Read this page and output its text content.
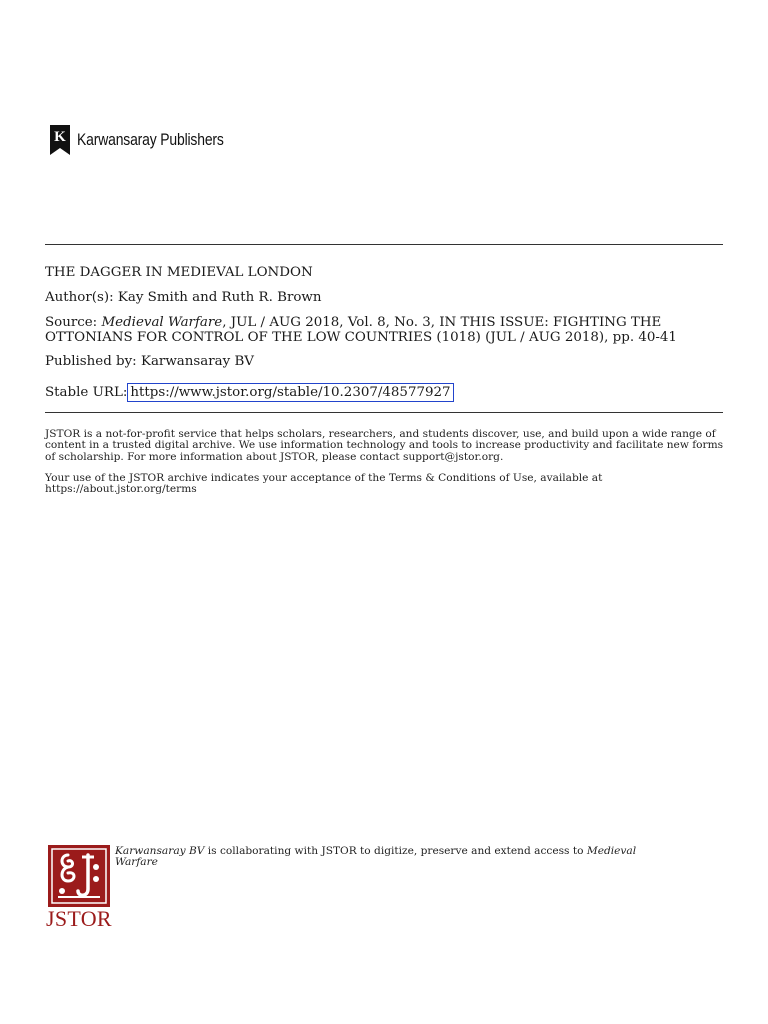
K Karwansaray Publishers
THE DAGGER IN MEDIEVAL LONDON
Author(s): Kay Smith and Ruth R. Brown
Source: Medieval Warfare, JUL / AUG 2018, Vol. 8, No. 3, IN THIS ISSUE: FIGHTING THE OTTONIANS FOR CONTROL OF THE LOW COUNTRIES (1018) (JUL / AUG 2018), pp. 40-41
Published by: Karwansaray BV
Stable URL: https://www.jstor.org/stable/10.2307/48577927
JSTOR is a not-for-profit service that helps scholars, researchers, and students discover, use, and build upon a wide range of content in a trusted digital archive. We use information technology and tools to increase productivity and facilitate new forms of scholarship. For more information about JSTOR, please contact support@jstor.org.
Your use of the JSTOR archive indicates your acceptance of the Terms & Conditions of Use, available at https://about.jstor.org/terms
JSTOR
Karwansaray BV is collaborating with JSTOR to digitize, preserve and extend access to Medieval Warfare
